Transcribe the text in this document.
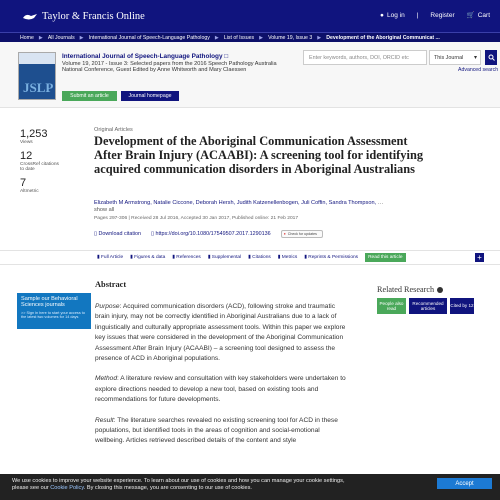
Taylor & Francis Online	● Log in | Register 🛒 Cart
Home ▶ All Journals ▶ International Journal of Speech-Language Pathology ▶ List of Issues ▶ Volume 19, Issue 3 ▶ Development of the Aboriginal Communicat ...
JSLP
International Journal of Speech-Language Pathology □
Volume 19, 2017 - Issue 3: Selected papers from the 2016 Speech Pathology Australia National Conference, Guest Edited by Anne Whitworth and Mary Claessen
Submit an article	Journal homepage
Enter keywords, authors, DOI, ORCID etc	This Journal ▾
Advanced search
1,253
Views
12
CrossRef citations to date
7
Altmetric
Original Articles
Development of the Aboriginal Communication Assessment After Brain Injury (ACAABI): A screening tool for identifying acquired communication disorders in Aboriginal Australians
Elizabeth M Armstrong, Natalie Ciccone, Deborah Hersh, Judith Katzenellenbogen, Juli Coffin, Sandra Thompson, …show all
Pages 297-306 | Received 28 Jul 2016, Accepted 30 Jan 2017, Published online: 21 Feb 2017
▯ Download citation ▯ https://doi.org/10.1080/17549507.2017.1290136	● Check for updates
▮ Full Article ▮ Figures & data ▮ References ▮ Supplemental ▮ Citations ▮ Metrics ▮ Reprints & Permissions	Read this article	+
Sample our Behavioral Sciences journals
>> Sign in here to start your access to the latest two volumes for 14 days
Abstract

Purpose: Acquired communication disorders (ACD), following stroke and traumatic brain injury, may not be correctly identified in Aboriginal Australians due to a lack of linguistically and culturally appropriate assessment tools. Within this paper we explore key issues that were considered in the development of the Aboriginal Communication Assessment After Brain Injury (ACAABI) – a screening tool designed to assess the presence of ACD in Aboriginal populations.

Method: A literature review and consultation with key stakeholders were undertaken to explore directions needed to develop a new tool, based on existing tools and recommendations for future developments.

Result: The literature searches revealed no existing screening tool for ACD in these populations, but identified tools in the areas of cognition and social-emotional wellbeing. Articles retrieved described details of the content and style

Related Research
People also read
Recommended articles
Cited by 12
We use cookies to improve your website experience. To learn about our use of cookies and how you can manage your cookie settings,
please see our Cookie Policy. By closing this message, you are consenting to our use of cookies.
Accept
